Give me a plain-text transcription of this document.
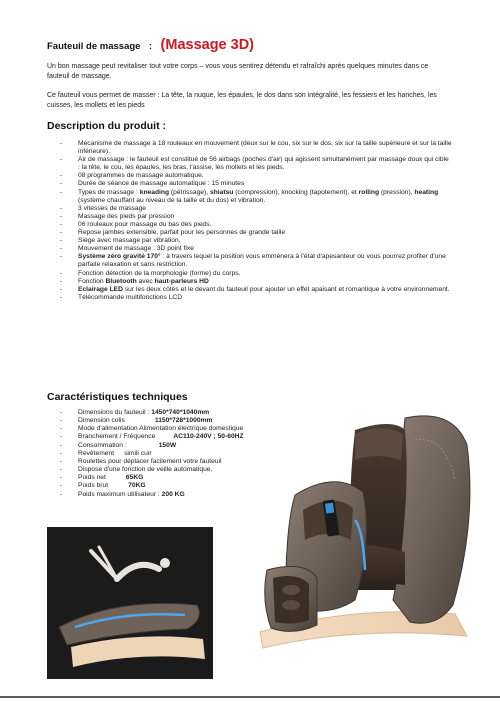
Fauteuil de massage : (Massage 3D)
Un bon massage peut revitaliser tout votre corps – vous vous sentirez détendu et rafraîchi après quelques minutes dans ce fauteuil de massage.
Ce fauteuil vous permet de masser : La tête, la nuque, les épaules, le dos dans son intégralité, les fessiers et les hanches, les cuisses, les mollets et les pieds
Description du produit :
- Mécanisme de massage à 18 rouleaux en mouvement (deux sur le cou, six sur le dos, six sur la taille supérieure et sur la taille inférieure).
- Air de massage : le fauteuil est constitué de 56 airbags (poches d'air) qui agissent simultanément par massage doux qui cible : la tête, le cou, les épaules, les bras, l'assise, les mollets et les pieds.
- 08 programmes de massage automatique.
- Durée de séance de massage automatique : 15 minutes
- Types de massage : kneading (pétrissage), shiatsu (compression), knocking (tapotement), et rolling (pression), heating (système chauffant au niveau de la taille et du dos) et vibration.
- 3 vitesses de massage
- Massage des pieds par pression
- 06 rouleaux pour massage du bas des pieds.
- Repose jambes extensible, parfait pour les personnes de grande taille
- Siège avec massage par vibration.
- Mouvement de massage : 3D point fixe
- Système zéro gravité 170° : à travers lequel la position vous emmènera à l'état d'apesanteur où vous pourrez profiter d'une parfaite relaxation et sans restriction.
- Fonction détection de la morphologie (forme) du corps.
- Fonction Bluetooth avec haut-parleurs HD
- Eclairage LED sur les deux côtés et le devant du fauteuil pour ajouter un effet apaisant et romantique à votre environnement.
- Télécommande multifonctions LCD
Caractéristiques techniques
- Dimensions du fauteuil : 1450*740*1040mm
- Dimension colis	1150*728*1000mm
- Mode d'alimentation Alimentation électrique domestique
- Branchement / Fréquence	AC110-240V ; 50-60HZ
- Consommation :	150W
- Revêtement simili cuir
- Roulettes pour déplacer facilement votre fauteuil
- Dispose d'une fonction de veille automatique.
- Poids net	65KG
- Poids brut	70KG
- Poids maximum utilisateur : 200 KG
